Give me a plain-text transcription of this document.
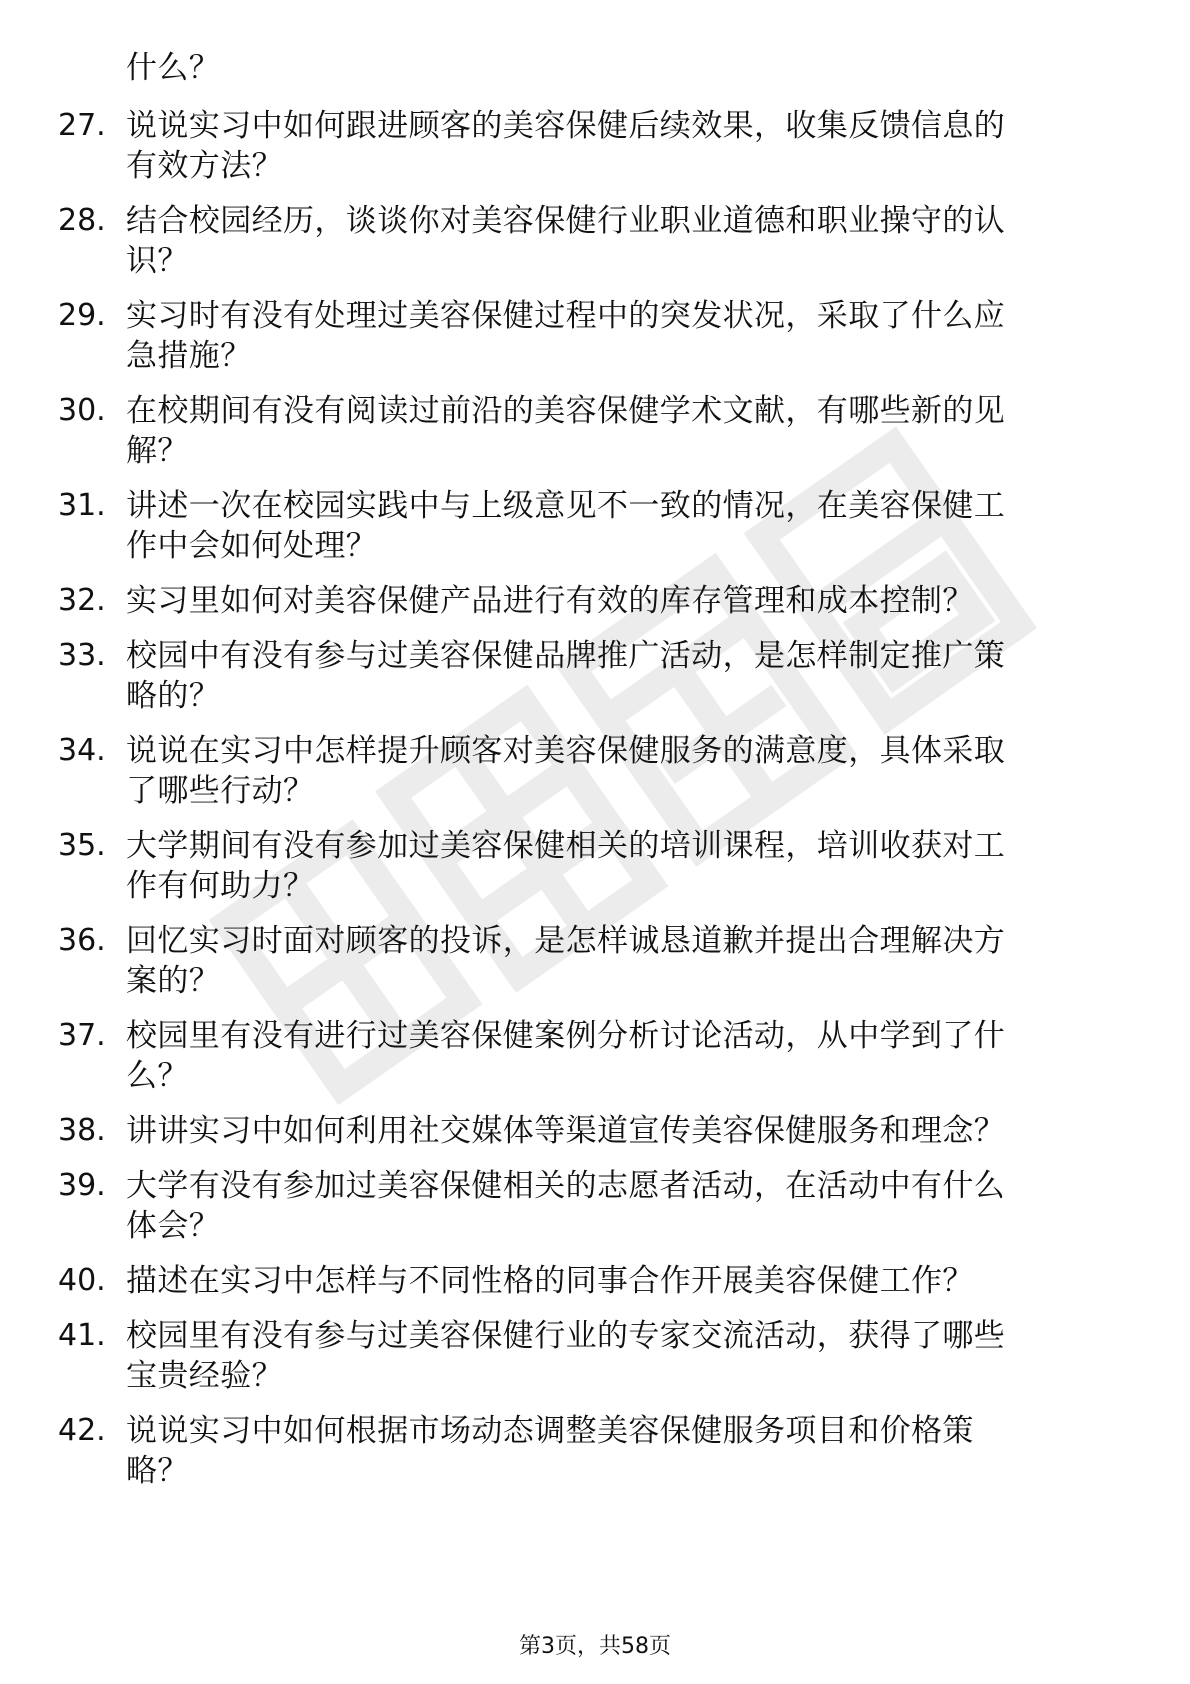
什么？
27. 说说实习中如何跟进顾客的美容保健后续效果，收集反馈信息的
有效方法？
28. 结合校园经历，谈谈你对美容保健行业职业道德和职业操守的认
识？
29. 实习时有没有处理过美容保健过程中的突发状况，采取了什么应
急措施？
30. 在校期间有没有阅读过前沿的美容保健学术文献，有哪些新的见
解？
31. 讲述一次在校园实践中与上级意见不一致的情况，在美容保健工
作中会如何处理？
32. 实习里如何对美容保健产品进行有效的库存管理和成本控制？
33. 校园中有没有参与过美容保健品牌推广活动，是怎样制定推广策
略的？
34. 说说在实习中怎样提升顾客对美容保健服务的满意度，具体采取
了哪些行动？
35. 大学期间有没有参加过美容保健相关的培训课程，培训收获对工
作有何助力？
36. 回忆实习时面对顾客的投诉，是怎样诚恳道歉并提出合理解决方
案的？
37. 校园里有没有进行过美容保健案例分析讨论活动，从中学到了什
么？
38. 讲讲实习中如何利用社交媒体等渠道宣传美容保健服务和理念？
39. 大学有没有参加过美容保健相关的志愿者活动，在活动中有什么
体会？
40. 描述在实习中怎样与不同性格的同事合作开展美容保健工作？
41. 校园里有没有参与过美容保健行业的专家交流活动，获得了哪些
宝贵经验？
42. 说说实习中如何根据市场动态调整美容保健服务项目和价格策
略？
第3页，共58页
